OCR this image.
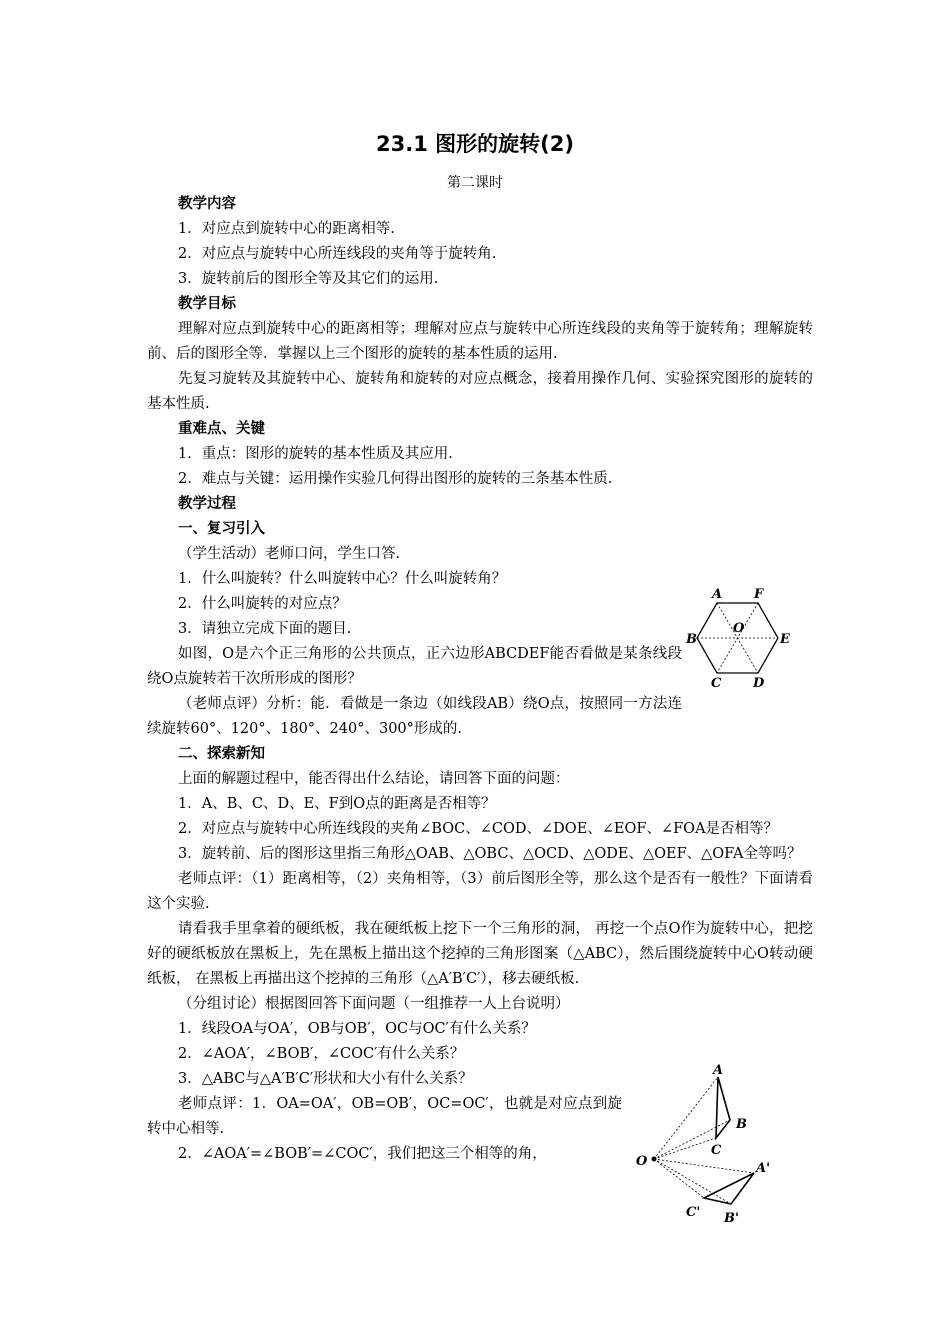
23.1 图形的旋转(2)
第二课时

教学内容

1．对应点到旋转中心的距离相等.

2．对应点与旋转中心所连线段的夹角等于旋转角.

3．旋转前后的图形全等及其它们的运用.

教学目标

理解对应点到旋转中心的距离相等；理解对应点与旋转中心所连线段的夹角等于旋转角；理解旋转前、后的图形全等．掌握以上三个图形的旋转的基本性质的运用.

先复习旋转及其旋转中心、旋转角和旋转的对应点概念，接着用操作几何、实验探究图形的旋转的基本性质.

重难点、关键

1．重点：图形的旋转的基本性质及其应用.

2．难点与关键：运用操作实验几何得出图形的旋转的三条基本性质.

教学过程

一、复习引入

（学生活动）老师口问，学生口答.

1．什么叫旋转？什么叫旋转中心？什么叫旋转角？

2．什么叫旋转的对应点？

3．请独立完成下面的题目.

如图，O是六个正三角形的公共顶点，正六边形ABCDEF能否看做是某条线段绕O点旋转若干次所形成的图形？

（老师点评）分析：能．看做是一条边（如线段AB）绕O点，按照同一方法连续旋转60°、120°、180°、240°、300°形成的.

二、探索新知

上面的解题过程中，能否得出什么结论，请回答下面的问题：

1．A、B、C、D、E、F到O点的距离是否相等？

2．对应点与旋转中心所连线段的夹角∠BOC、∠COD、∠DOE、∠EOF、∠FOA是否相等？

3．旋转前、后的图形这里指三角形△OAB、△OBC、△OCD、△ODE、△OEF、△OFA全等吗？

老师点评：（1）距离相等，（2）夹角相等，（3）前后图形全等，那么这个是否有一般性？下面请看这个实验.

请看我手里拿着的硬纸板，我在硬纸板上挖下一个三角形的洞， 再挖一个点O作为旋转中心，把挖好的硬纸板放在黑板上，先在黑板上描出这个挖掉的三角形图案（△ABC），然后围绕旋转中心O转动硬纸板， 在黑板上再描出这个挖掉的三角形（△A′B′C′），移去硬纸板.

（分组讨论）根据图回答下面问题（一组推荐一人上台说明）

1．线段OA与OA′，OB与OB′，OC与OC′有什么关系？

2．∠AOA′，∠BOB′，∠COC′有什么关系？

3．△ABC与△A′B′C′形状和大小有什么关系？

老师点评：1．OA=OA′，OB=OB′，OC=OC′，也就是对应点到旋转中心相等.

2．∠AOA′=∠BOB′=∠COC′，我们把这三个相等的角，

A F
B
O
E
C D
A
B
C
O	A'
C' B'
